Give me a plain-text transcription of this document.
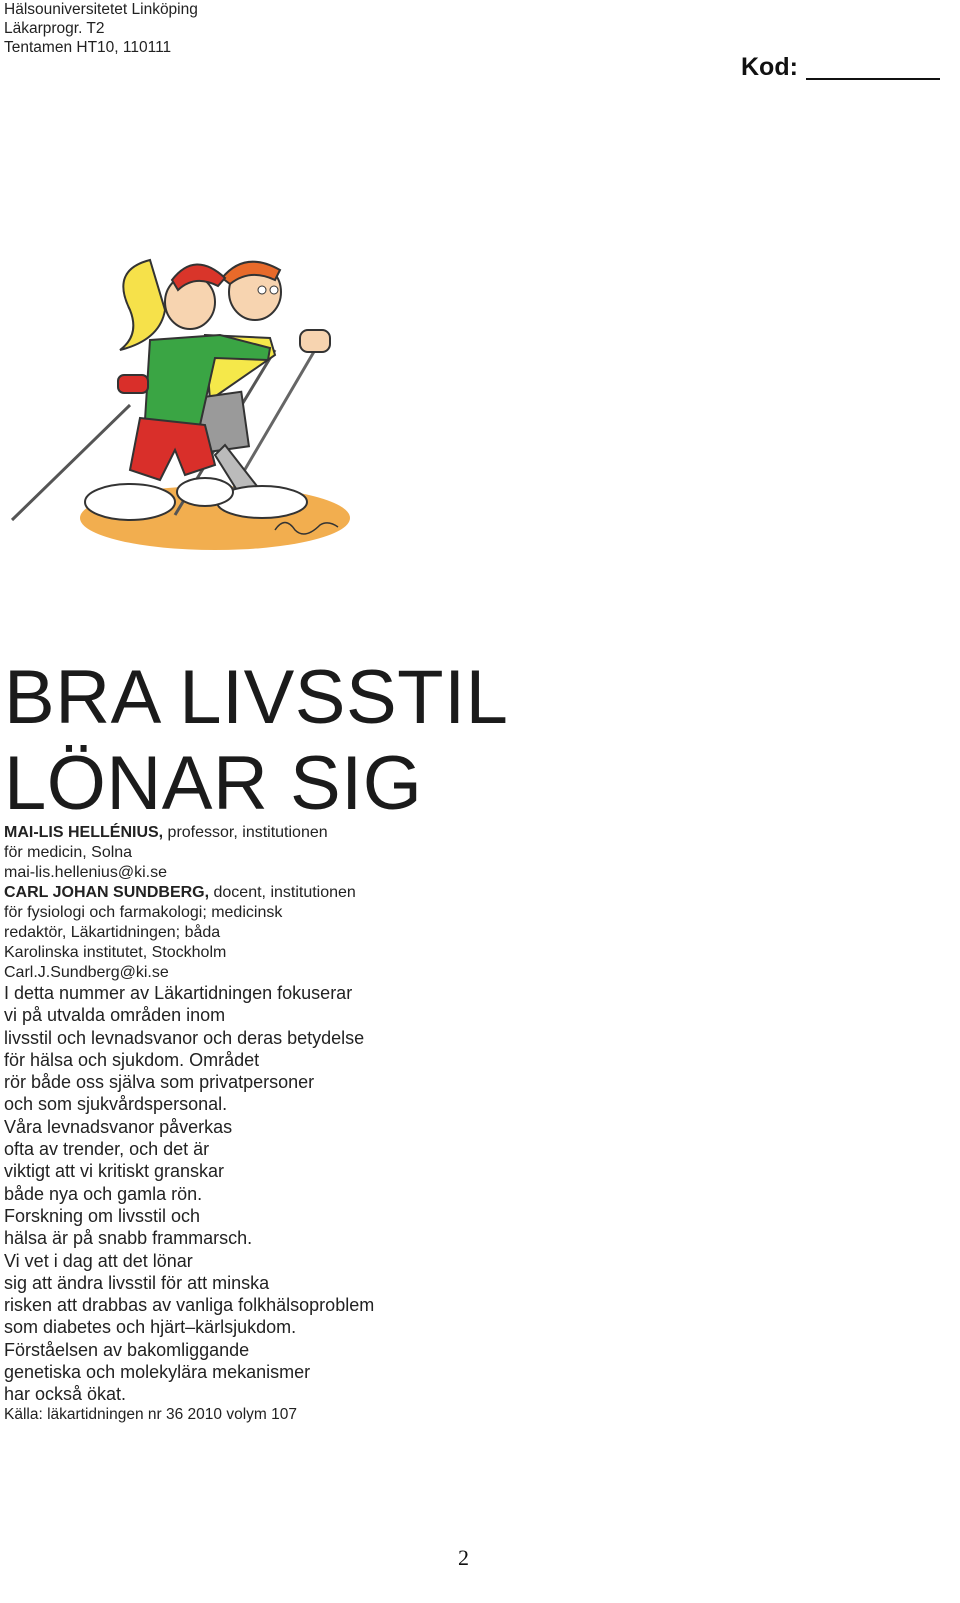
Hälsouniversitetet Linköping
Läkarprogr. T2
Tentamen HT10, 110111
Kod:
BRA LIVSSTIL
LÖNAR SIG
MAI-LIS HELLÉNIUS, professor, institutionen
för medicin, Solna
mai-lis.hellenius@ki.se
CARL JOHAN SUNDBERG, docent, institutionen
för fysiologi och farmakologi; medicinsk
redaktör, Läkartidningen; båda
Karolinska institutet, Stockholm
Carl.J.Sundberg@ki.se
I detta nummer av Läkartidningen fokuserar
vi på utvalda områden inom
livsstil och levnadsvanor och deras betydelse
för hälsa och sjukdom. Området
rör både oss själva som privatpersoner
och som sjukvårdspersonal.
Våra levnadsvanor påverkas
ofta av trender, och det är
viktigt att vi kritiskt granskar
både nya och gamla rön.
Forskning om livsstil och
hälsa är på snabb frammarsch.
Vi vet i dag att det lönar
sig att ändra livsstil för att minska
risken att drabbas av vanliga folkhälsoproblem
som diabetes och hjärt–kärlsjukdom.
Förståelsen av bakomliggande
genetiska och molekylära mekanismer
har också ökat.
Källa: läkartidningen nr 36 2010 volym 107
2
